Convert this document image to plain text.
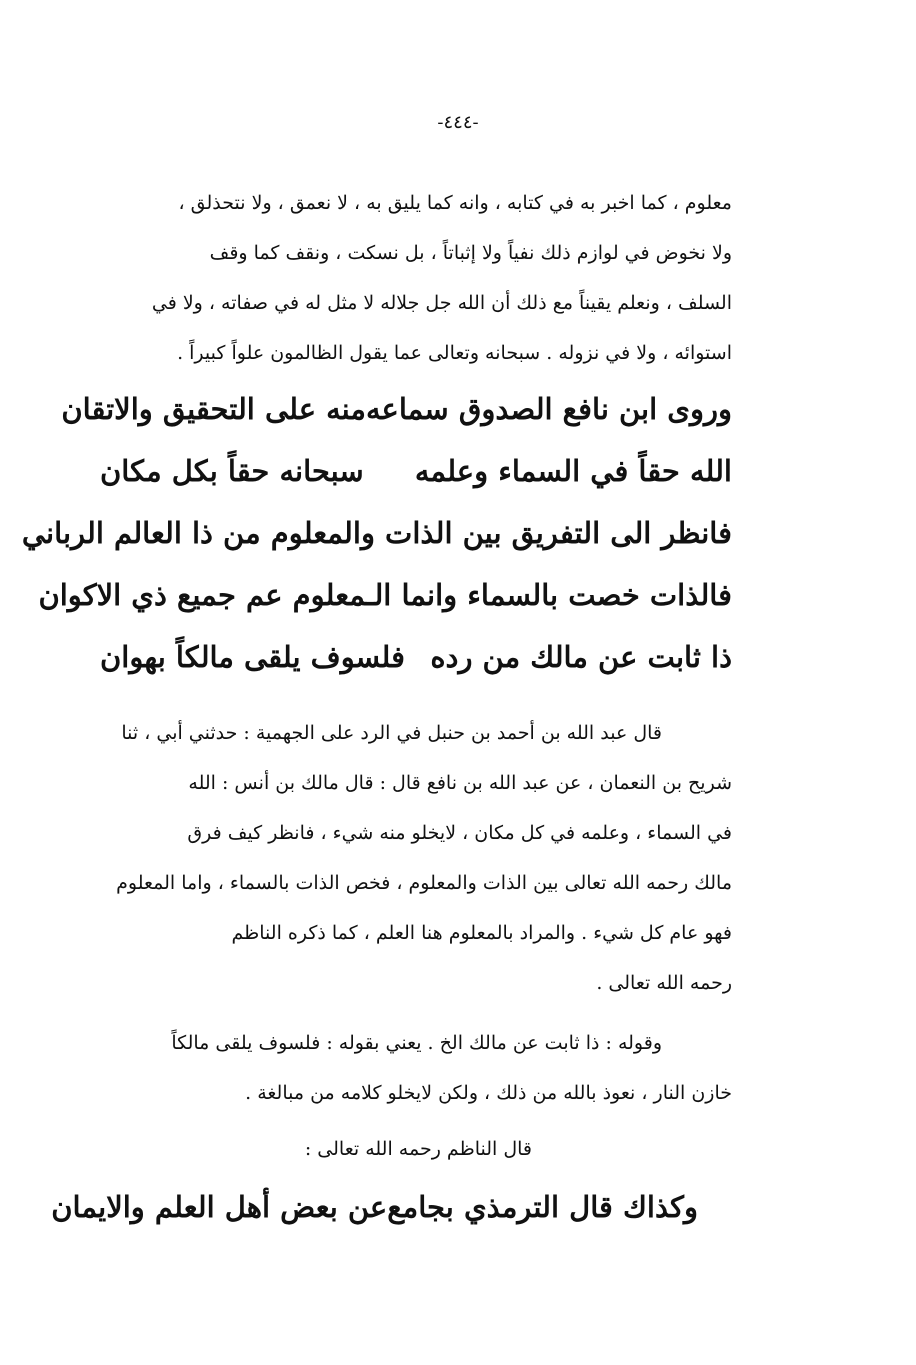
-٤٤٤-
معلوم ، كما اخبر به في كتابه ، وانه كما يليق به ، لا نعمق ، ولا نتحذلق ،
ولا نخوض في لوازم ذلك نفياً ولا إثباتاً ، بل نسكت ، ونقف كما وقف
السلف ، ونعلم يقيناً مع ذلك أن الله جل جلاله لا مثل له في صفاته ، ولا في
استوائه ، ولا في نزوله . سبحانه وتعالى عما يقول الظالمون علواً كبيراً .
وروى ابن نافع الصدوق سماعه
منه على التحقيق والاتقان
الله حقاً في السماء وعلمه
سبحانه حقاً بكل مكان
فانظر الى التفريق بين الذات والمعلوم من ذا العالم الرباني
فالذات خصت بالسماء وانما الـمعلوم عم جميع ذي الاكوان
ذا ثابت عن مالك من رده
فلسوف يلقى مالكاً بهوان
قال عبد الله بن أحمد بن حنبل في الرد على الجهمية : حدثني أبي ، ثنا
شريح بن النعمان ، عن عبد الله بن نافع قال : قال مالك بن أنس : الله
في السماء ، وعلمه في كل مكان ، لايخلو منه شيء ، فانظر كيف فرق
مالك رحمه الله تعالى بين الذات والمعلوم ، فخص الذات بالسماء ، واما المعلوم
فهو عام كل شيء . والمراد بالمعلوم هنا العلم ، كما ذكره الناظم
رحمه الله تعالى .
وقوله : ذا ثابت عن مالك الخ . يعني بقوله : فلسوف يلقى مالكاً
خازن النار ، نعوذ بالله من ذلك ، ولكن لايخلو كلامه من مبالغة .
قال الناظم رحمه الله تعالى :
وكذاك قال الترمذي بجامع
عن بعض أهل العلم والايمان
